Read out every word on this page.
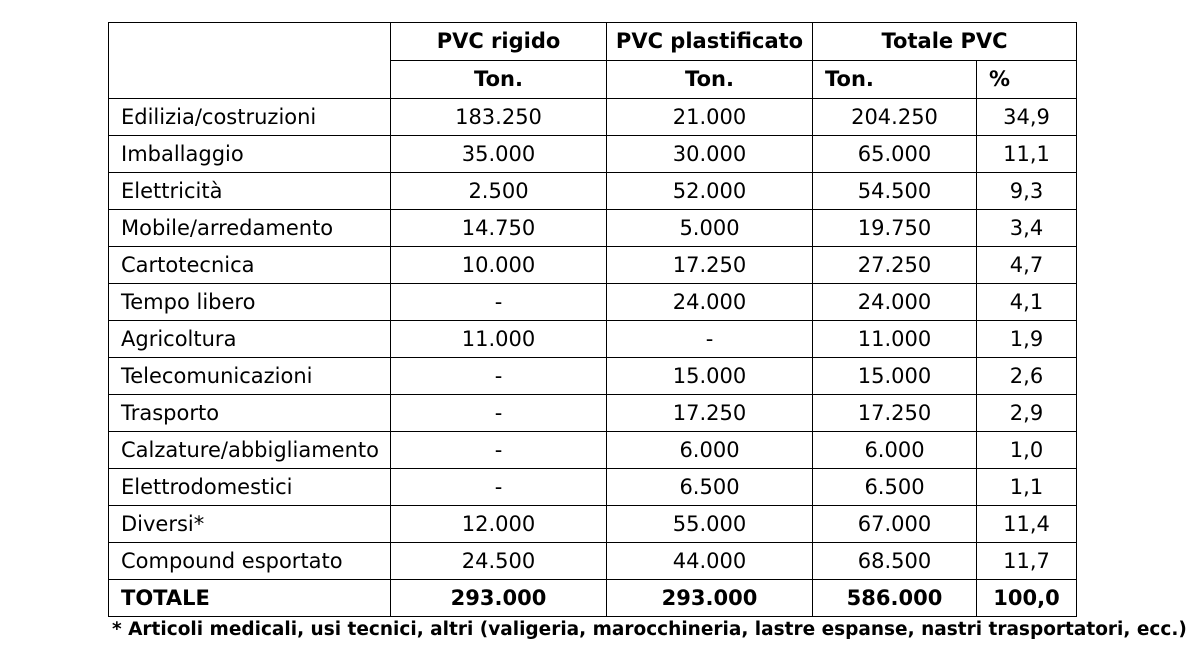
	PVC rigido	PVC plastificato	Totale PVC	
	Ton.	Ton.	Ton.	%
Edilizia/costruzioni	183.250	21.000	204.250	34,9
Imballaggio	35.000	30.000	65.000	11,1
Elettricità	2.500	52.000	54.500	9,3
Mobile/arredamento	14.750	5.000	19.750	3,4
Cartotecnica	10.000	17.250	27.250	4,7
Tempo libero	-	24.000	24.000	4,1
Agricoltura	11.000	-	11.000	1,9
Telecomunicazioni	-	15.000	15.000	2,6
Trasporto	-	17.250	17.250	2,9
Calzature/abbigliamento	-	6.000	6.000	1,0
Elettrodomestici	-	6.500	6.500	1,1
Diversi*	12.000	55.000	67.000	11,4
Compound esportato	24.500	44.000	68.500	11,7
TOTALE	293.000	293.000	586.000	100,0
* Articoli medicali, usi tecnici, altri (valigeria, marocchineria, lastre espanse, nastri trasportatori, ecc.)
